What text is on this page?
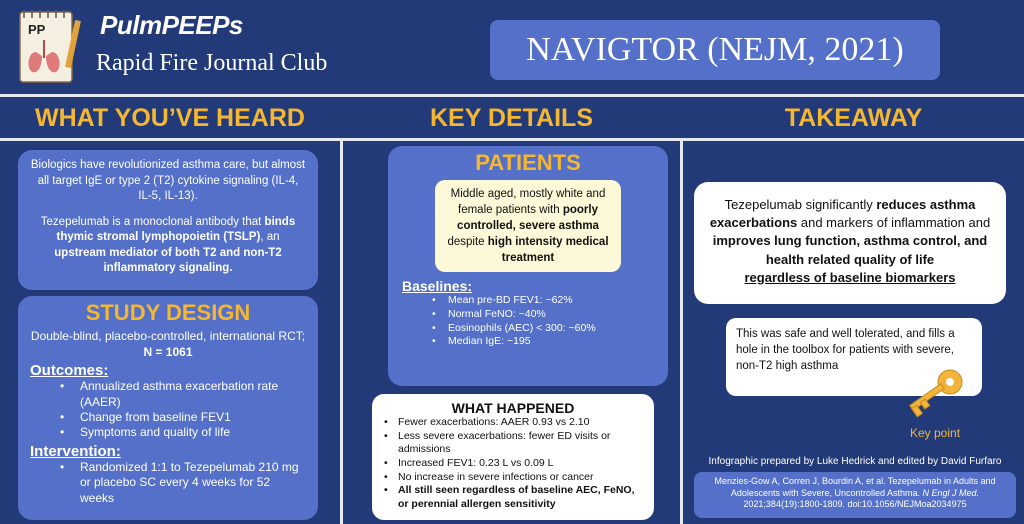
PP PulmPEEPs
Rapid Fire Journal Club	NAVIGTOR (NEJM, 2021)
WHAT YOU’VE HEARD	KEY DETAILS	TAKEAWAY

Biologics have revolutionized asthma care, but almost all target IgE or type 2 (T2) cytokine signaling (IL-4, IL-5, IL-13).

Tezepelumab is a monoclonal antibody that binds thymic stromal lymphopoietin (TSLP), an upstream mediator of both T2 and non-T2 inflammatory signaling.

STUDY DESIGN
Double-blind, placebo-controlled, international RCT; N = 1061
Outcomes:
• Annualized asthma exacerbation rate (AAER)
• Change from baseline FEV1
• Symptoms and quality of life
Intervention:
• Randomized 1:1 to Tezepelumab 210 mg or placebo SC every 4 weeks for 52 weeks
PATIENTS
Middle aged, mostly white and female patients with poorly controlled, severe asthma despite high intensity medical treatment
Baselines:
• Mean pre-BD FEV1: ~62%
• Normal FeNO: ~40%
• Eosinophils (AEC) < 300: ~60%
• Median IgE: ~195
WHAT HAPPENED
• Fewer exacerbations: AAER 0.93 vs 2.10
• Less severe exacerbations: fewer ED visits or admissions
• Increased FEV1: 0.23 L vs 0.09 L
• No increase in severe infections or cancer
• All still seen regardless of baseline AEC, FeNO, or perennial allergen sensitivity
Tezepelumab significantly reduces asthma exacerbations and markers of inflammation and improves lung function, asthma control, and health related quality of life
regardless of baseline biomarkers
This was safe and well tolerated, and fills a hole in the toolbox for patients with severe, non-T2 high asthma
Key point
Infographic prepared by Luke Hedrick and edited by David Furfaro
Menzies-Gow A, Corren J, Bourdin A, et al. Tezepelumab in Adults and Adolescents with Severe, Uncontrolled Asthma. N Engl J Med. 2021;384(19):1800-1809. doi:10.1056/NEJMoa2034975
